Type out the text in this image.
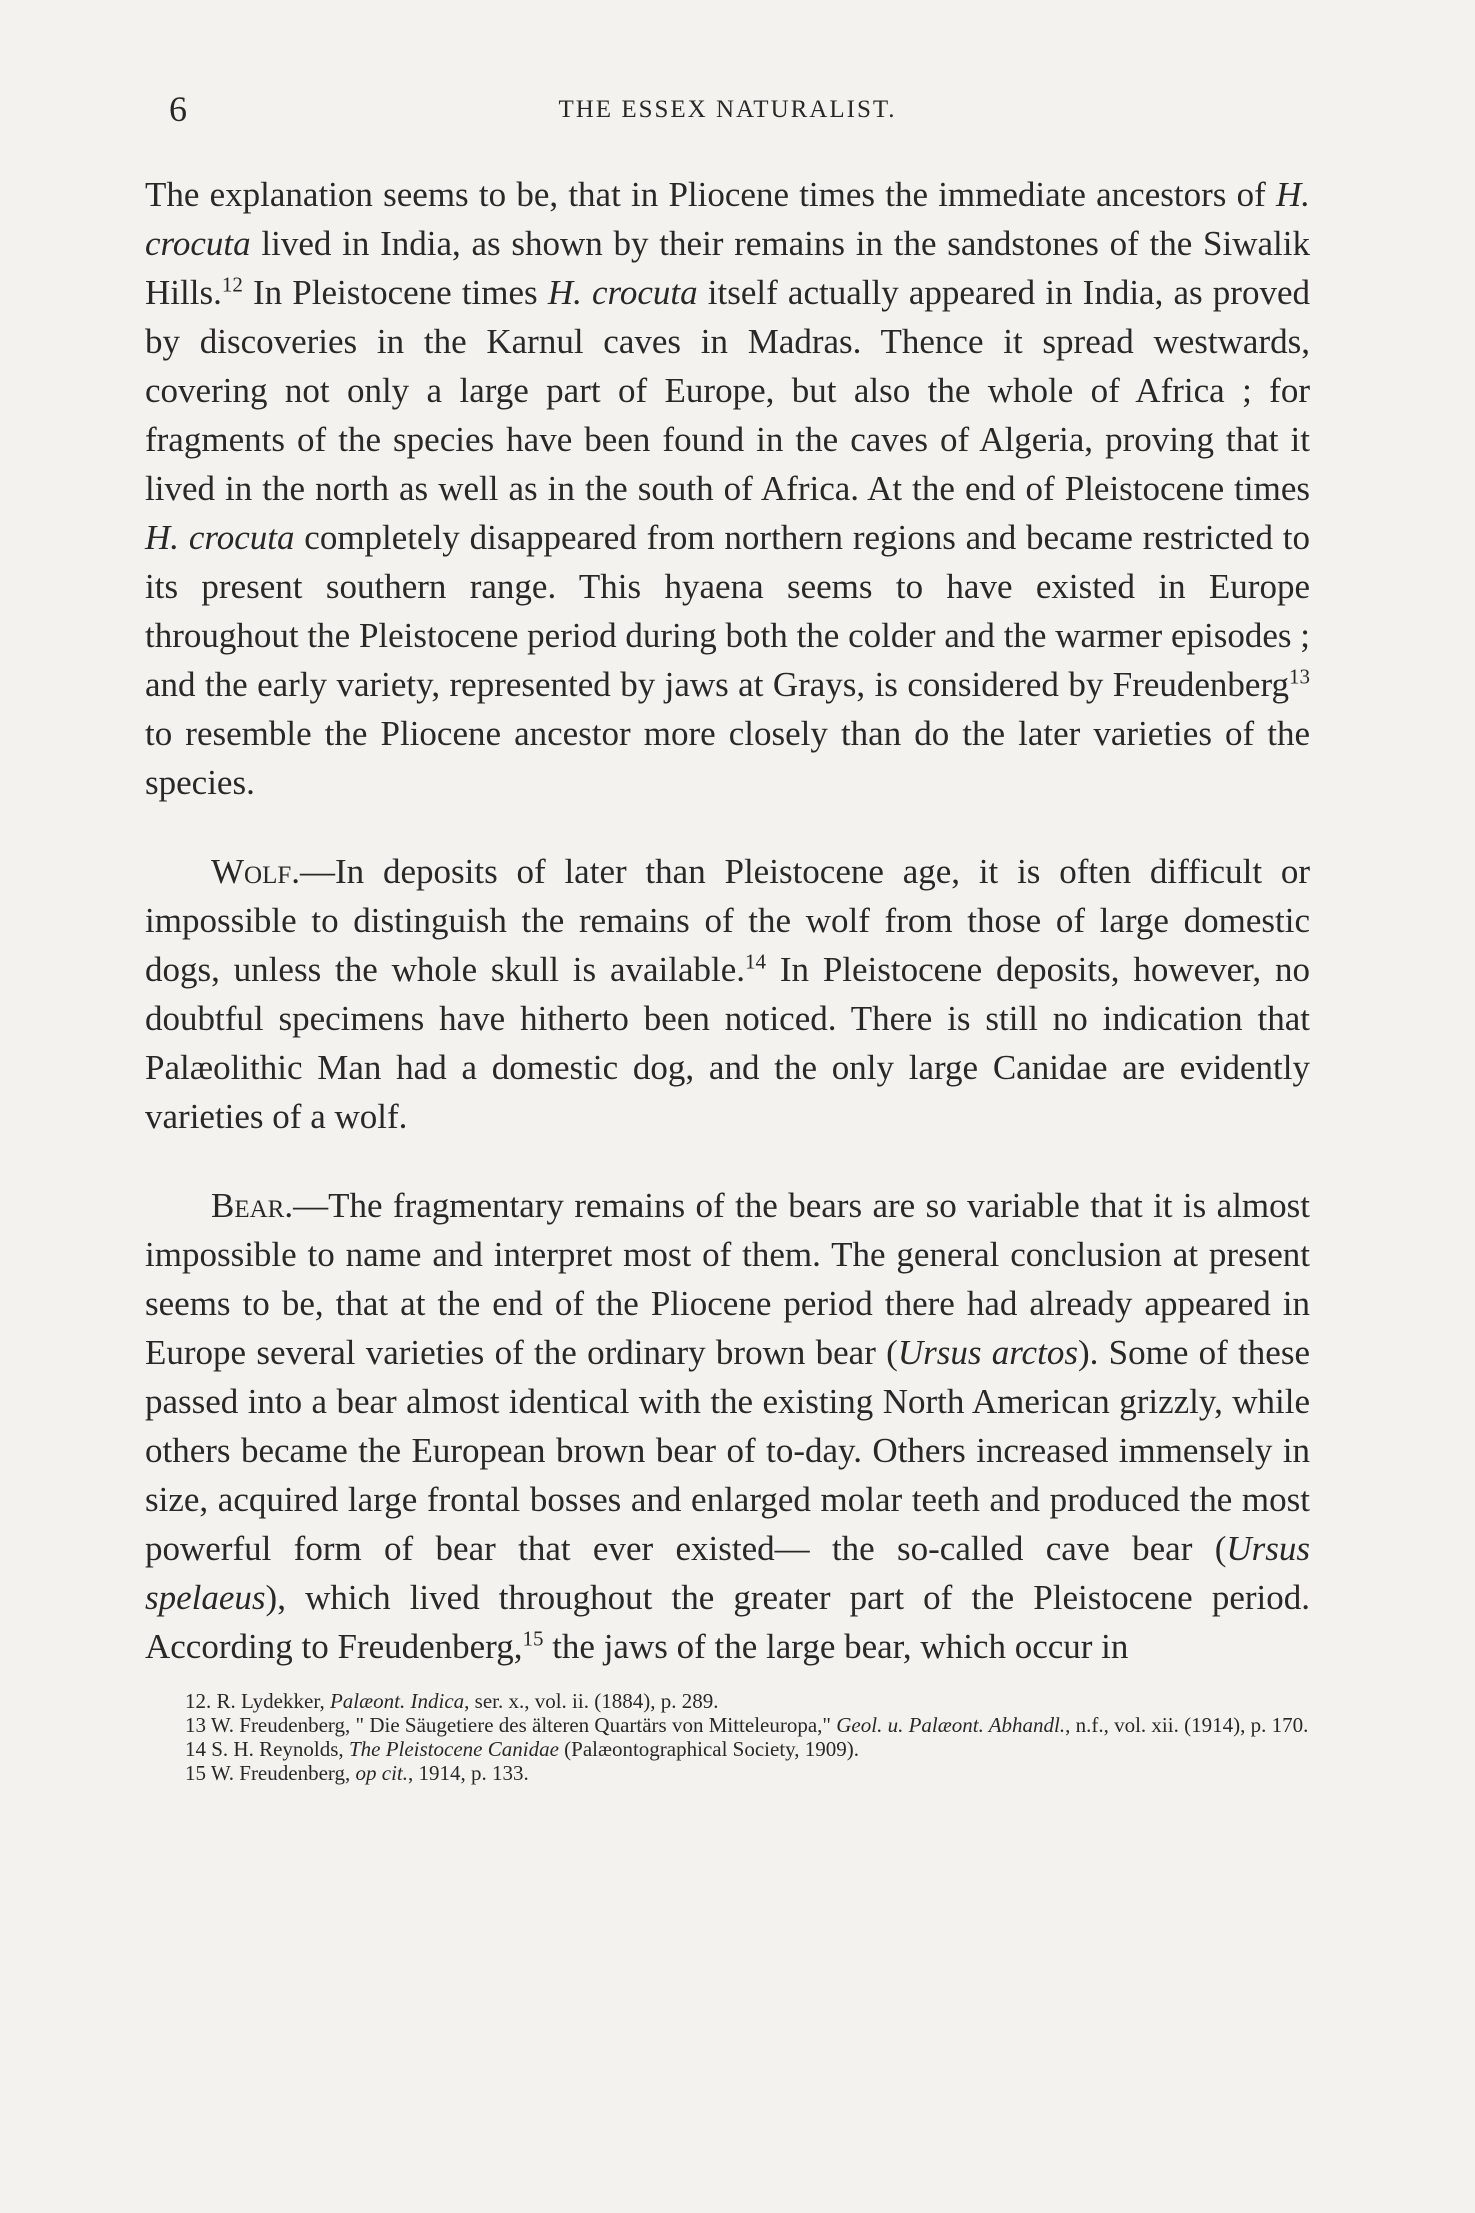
6	THE ESSEX NATURALIST.

The explanation seems to be, that in Pliocene times the immediate ancestors of H. crocuta lived in India, as shown by their remains in the sandstones of the Siwalik Hills.$^{12}$ In Pleistocene times H. crocuta itself actually appeared in India, as proved by discoveries in the Karnul caves in Madras. Thence it spread westwards, covering not only a large part of Europe, but also the whole of Africa ; for fragments of the species have been found in the caves of Algeria, proving that it lived in the north as well as in the south of Africa. At the end of Pleistocene times H. crocuta completely disappeared from northern regions and became restricted to its present southern range. This hyaena seems to have existed in Europe throughout the Pleistocene period during both the colder and the warmer episodes ; and the early variety, represented by jaws at Grays, is considered by Freudenberg$^{13}$ to resemble the Pliocene ancestor more closely than do the later varieties of the species.

Wolf.—In deposits of later than Pleistocene age, it is often difficult or impossible to distinguish the remains of the wolf from those of large domestic dogs, unless the whole skull is available.$^{14}$ In Pleistocene deposits, however, no doubtful specimens have hitherto been noticed. There is still no indication that Palæolithic Man had a domestic dog, and the only large Canidae are evidently varieties of a wolf.

Bear.—The fragmentary remains of the bears are so variable that it is almost impossible to name and interpret most of them. The general conclusion at present seems to be, that at the end of the Pliocene period there had already appeared in Europe several varieties of the ordinary brown bear (Ursus arctos). Some of these passed into a bear almost identical with the existing North American grizzly, while others became the European brown bear of to-day. Others increased immensely in size, acquired large frontal bosses and enlarged molar teeth and produced the most powerful form of bear that ever existed— the so-called cave bear (Ursus spelaeus), which lived throughout the greater part of the Pleistocene period. According to Freudenberg,$^{15}$ the jaws of the large bear, which occur in

12. R. Lydekker, Palæont. Indica, ser. x., vol. ii. (1884), p. 289.

13 W. Freudenberg, " Die Säugetiere des älteren Quartärs von Mitteleuropa," Geol. u. Palæont. Abhandl., n.f., vol. xii. (1914), p. 170.

14 S. H. Reynolds, The Pleistocene Canidae (Palæontographical Society, 1909).

15 W. Freudenberg, op cit., 1914, p. 133.
